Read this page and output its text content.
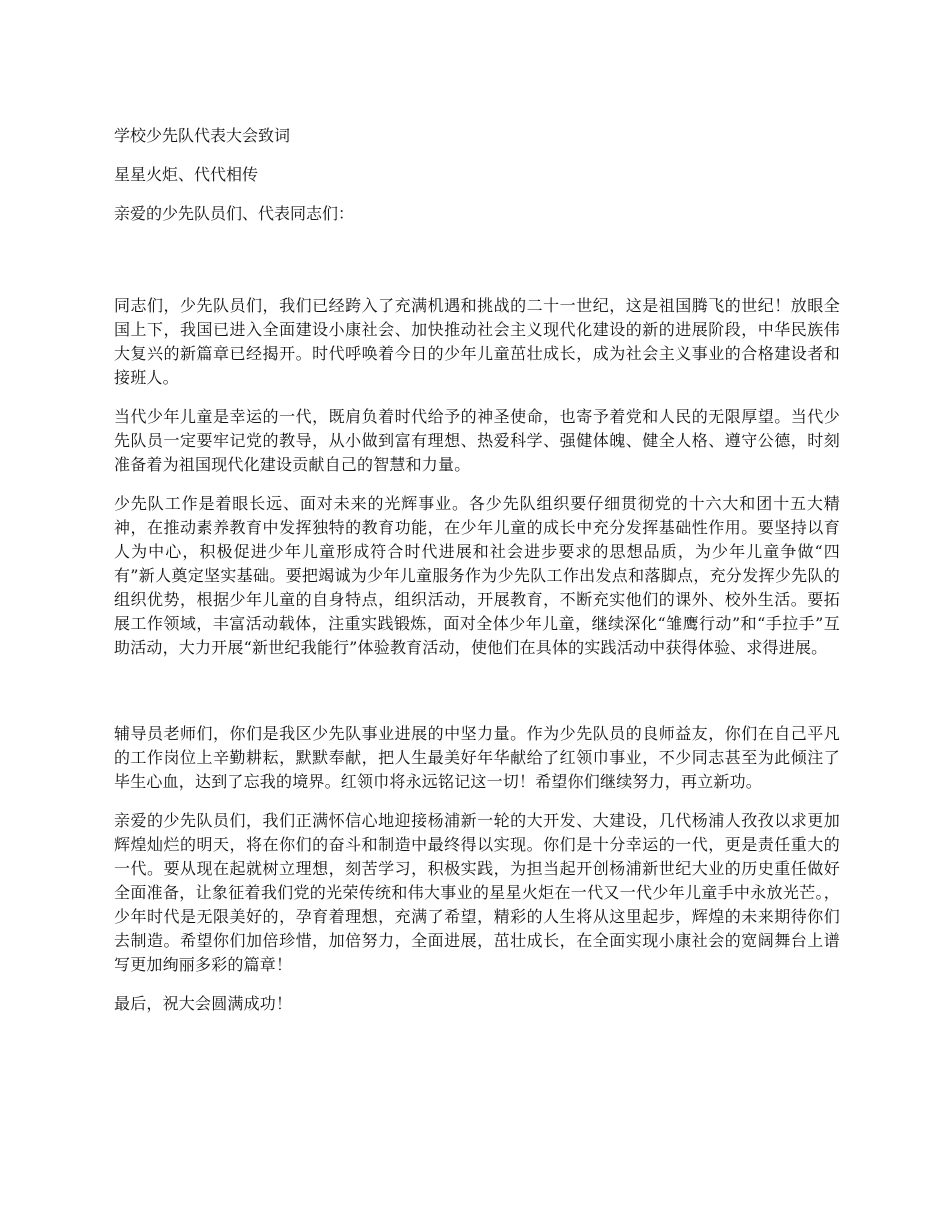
学校少先队代表大会致词

星星火炬、代代相传

亲爱的少先队员们、代表同志们：

同志们，少先队员们，我们已经跨入了充满机遇和挑战的二十一世纪，这是祖国腾飞的世纪！放眼全国上下，我国已进入全面建设小康社会、加快推动社会主义现代化建设的新的进展阶段，中华民族伟大复兴的新篇章已经揭开。时代呼唤着今日的少年儿童茁壮成长，成为社会主义事业的合格建设者和接班人。

当代少年儿童是幸运的一代，既肩负着时代给予的神圣使命，也寄予着党和人民的无限厚望。当代少先队员一定要牢记党的教导，从小做到富有理想、热爱科学、强健体魄、健全人格、遵守公德，时刻准备着为祖国现代化建设贡献自己的智慧和力量。

少先队工作是着眼长远、面对未来的光辉事业。各少先队组织要仔细贯彻党的十六大和团十五大精神，在推动素养教育中发挥独特的教育功能，在少年儿童的成长中充分发挥基础性作用。要坚持以育人为中心，积极促进少年儿童形成符合时代进展和社会进步要求的思想品质，为少年儿童争做“四有”新人奠定坚实基础。要把竭诚为少年儿童服务作为少先队工作出发点和落脚点，充分发挥少先队的组织优势，根据少年儿童的自身特点，组织活动，开展教育，不断充实他们的课外、校外生活。要拓展工作领域，丰富活动载体，注重实践锻炼，面对全体少年儿童，继续深化“雏鹰行动”和“手拉手”互助活动，大力开展“新世纪我能行”体验教育活动，使他们在具体的实践活动中获得体验、求得进展。

辅导员老师们，你们是我区少先队事业进展的中坚力量。作为少先队员的良师益友，你们在自己平凡的工作岗位上辛勤耕耘，默默奉献，把人生最美好年华献给了红领巾事业，不少同志甚至为此倾注了毕生心血，达到了忘我的境界。红领巾将永远铭记这一切！希望你们继续努力，再立新功。

亲爱的少先队员们，我们正满怀信心地迎接杨浦新一轮的大开发、大建设，几代杨浦人孜孜以求更加辉煌灿烂的明天，将在你们的奋斗和制造中最终得以实现。你们是十分幸运的一代，更是责任重大的一代。要从现在起就树立理想，刻苦学习，积极实践，为担当起开创杨浦新世纪大业的历史重任做好全面准备，让象征着我们党的光荣传统和伟大事业的星星火炬在一代又一代少年儿童手中永放光芒。，少年时代是无限美好的，孕育着理想，充满了希望，精彩的人生将从这里起步，辉煌的未来期待你们去制造。希望你们加倍珍惜，加倍努力，全面进展，茁壮成长，在全面实现小康社会的宽阔舞台上谱写更加绚丽多彩的篇章！

最后，祝大会圆满成功！
